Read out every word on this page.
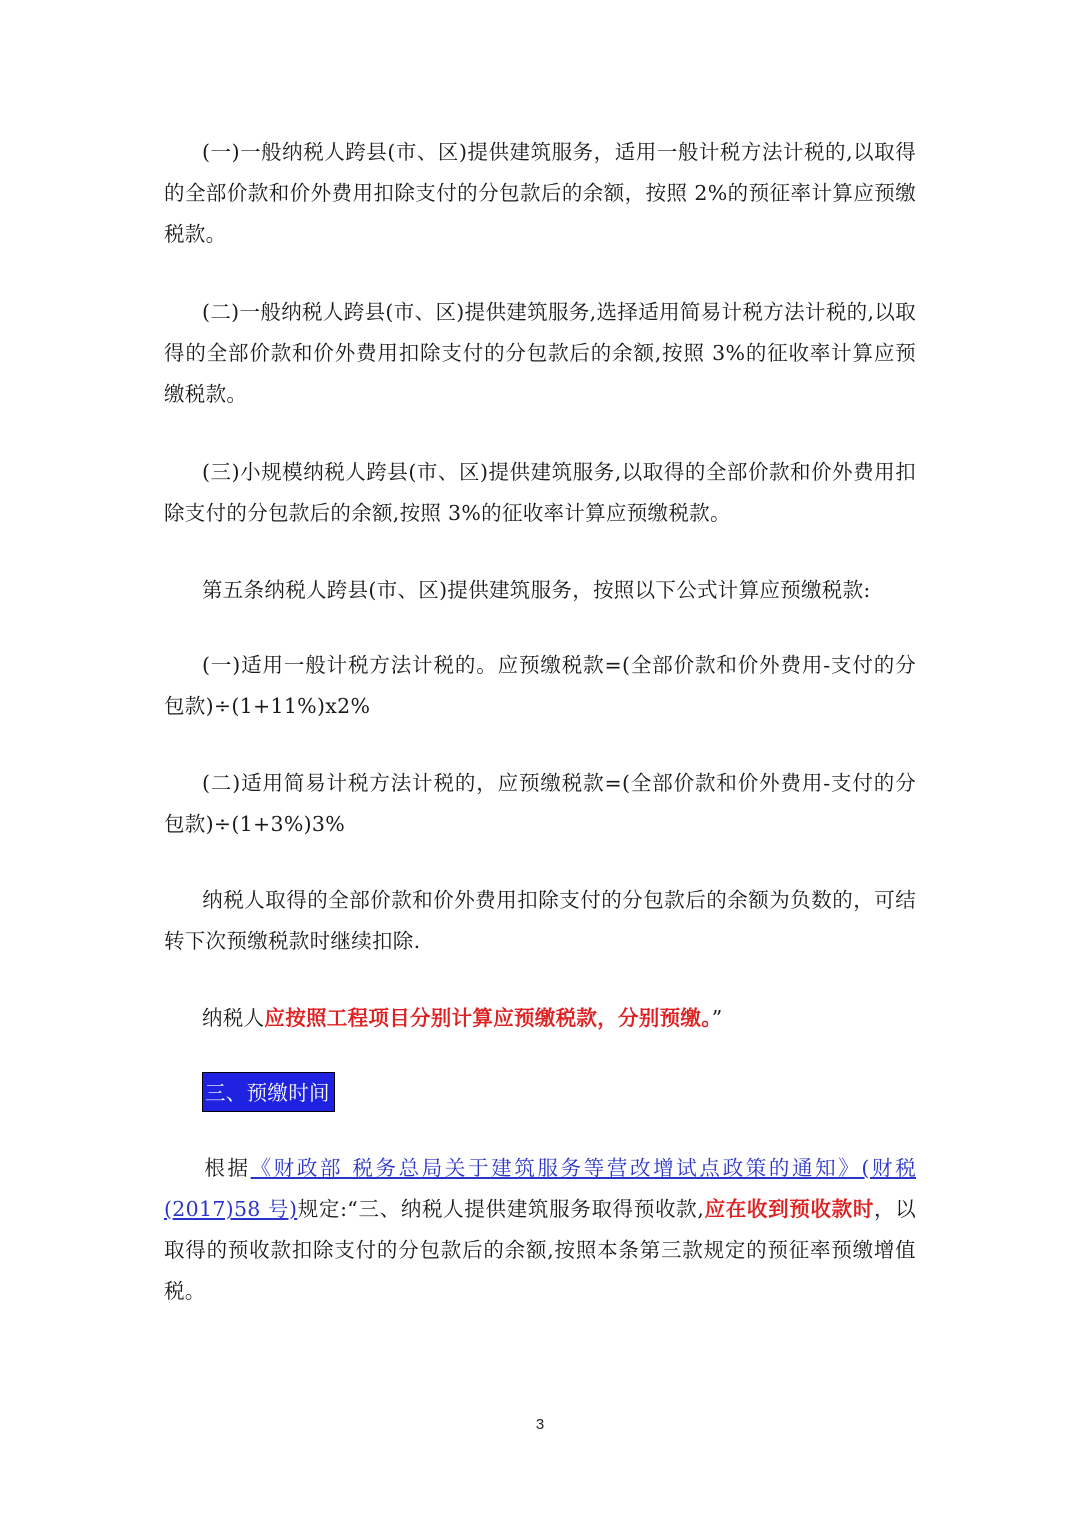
(一)一般纳税人跨县(市、区)提供建筑服务，适用一般计税方法计税的,以取得的全部价款和价外费用扣除支付的分包款后的余额，按照 2%的预征率计算应预缴税款。

(二)一般纳税人跨县(市、区)提供建筑服务,选择适用简易计税方法计税的,以取得的全部价款和价外费用扣除支付的分包款后的余额,按照 3%的征收率计算应预缴税款。

(三)小规模纳税人跨县(市、区)提供建筑服务,以取得的全部价款和价外费用扣除支付的分包款后的余额,按照 3%的征收率计算应预缴税款。

第五条纳税人跨县(市、区)提供建筑服务，按照以下公式计算应预缴税款:

(一)适用一般计税方法计税的。应预缴税款=(全部价款和价外费用-支付的分包款)÷(1+11%)x2%

(二)适用简易计税方法计税的，应预缴税款=(全部价款和价外费用-支付的分包款)÷(1+3%)3%

纳税人取得的全部价款和价外费用扣除支付的分包款后的余额为负数的，可结转下次预缴税款时继续扣除.

纳税人应按照工程项目分别计算应预缴税款，分别预缴。”

三、预缴时间

根据《财政部 税务总局关于建筑服务等营改增试点政策的通知》(财税(2017)58 号)规定:“三、纳税人提供建筑服务取得预收款,应在收到预收款时，以取得的预收款扣除支付的分包款后的余额,按照本条第三款规定的预征率预缴增值税。

3
